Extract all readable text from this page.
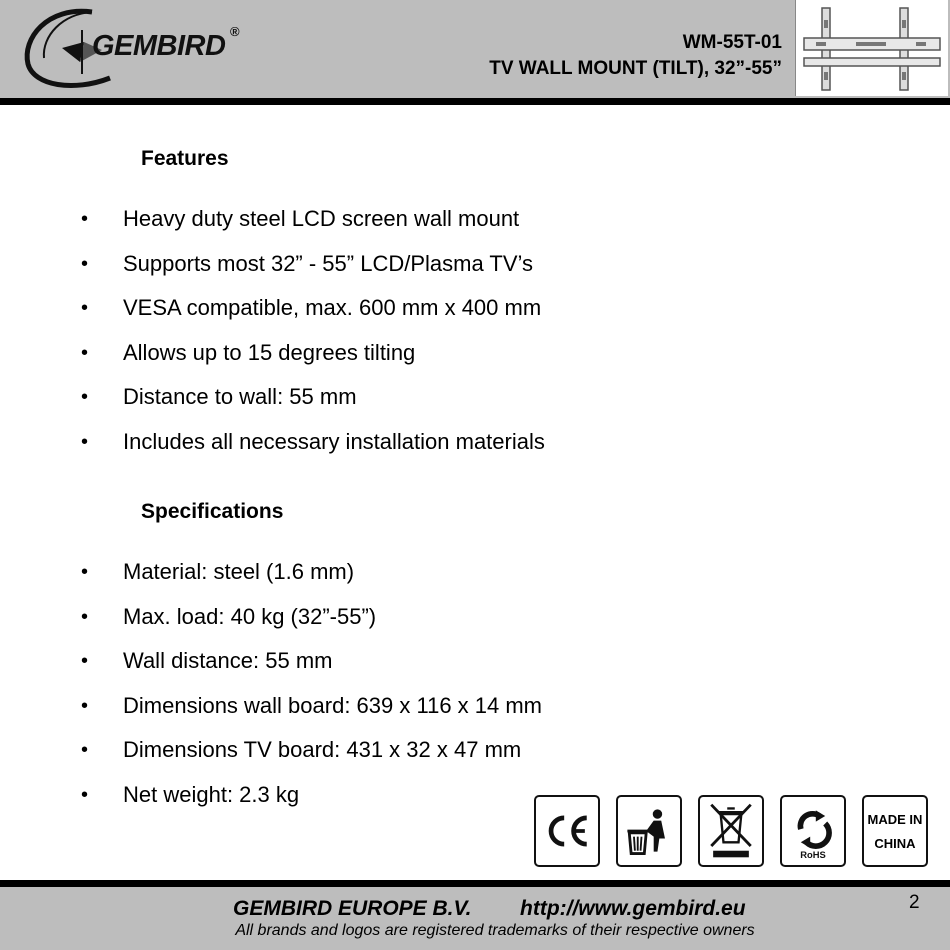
GEMBIRD ®
WM-55T-01
TV WALL MOUNT (TILT), 32”-55”
Features
• Heavy duty steel LCD screen wall mount
• Supports most 32” - 55” LCD/Plasma TV’s
• VESA compatible, max. 600 mm x 400 mm
• Allows up to 15 degrees tilting
• Distance to wall: 55 mm
• Includes all necessary installation materials
Specifications
• Material: steel (1.6 mm)
• Max. load: 40 kg (32”-55”)
• Wall distance: 55 mm
• Dimensions wall board: 639 x 116 x 14 mm
• Dimensions TV board: 431 x 32 x 47 mm
• Net weight: 2.3 kg
RoHS
MADE IN
CHINA
GEMBIRD EUROPE B.V. http://www.gembird.eu
All brands and logos are registered trademarks of their respective owners
2
